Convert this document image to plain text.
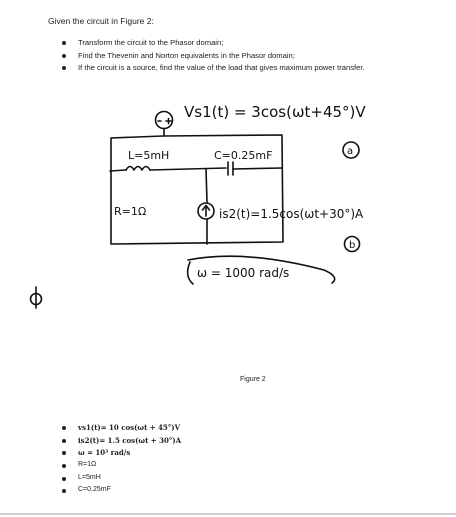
Given the circuit in Figure 2:
Transform the circuit to the Phasor domain;
Find the Thevenin and Norton equivalents in the Phasor domain;
If the circuit is a source, find the value of the load that gives maximum power transfer.
Vs1(t) = 3cos(ωt+45°)V
L=5mH	C=0.25mF
R=1Ω	is2(t)=1.5cos(ωt+30°)A
ω = 1000 rad/s
a
b
Figure 2
vs1(t)= 10 cos(ωt + 45°)V
is2(t)= 1.5 cos(ωt + 30°)A
ω = 10³ rad/s
R=1Ω
L=5mH
C=0.25mF
